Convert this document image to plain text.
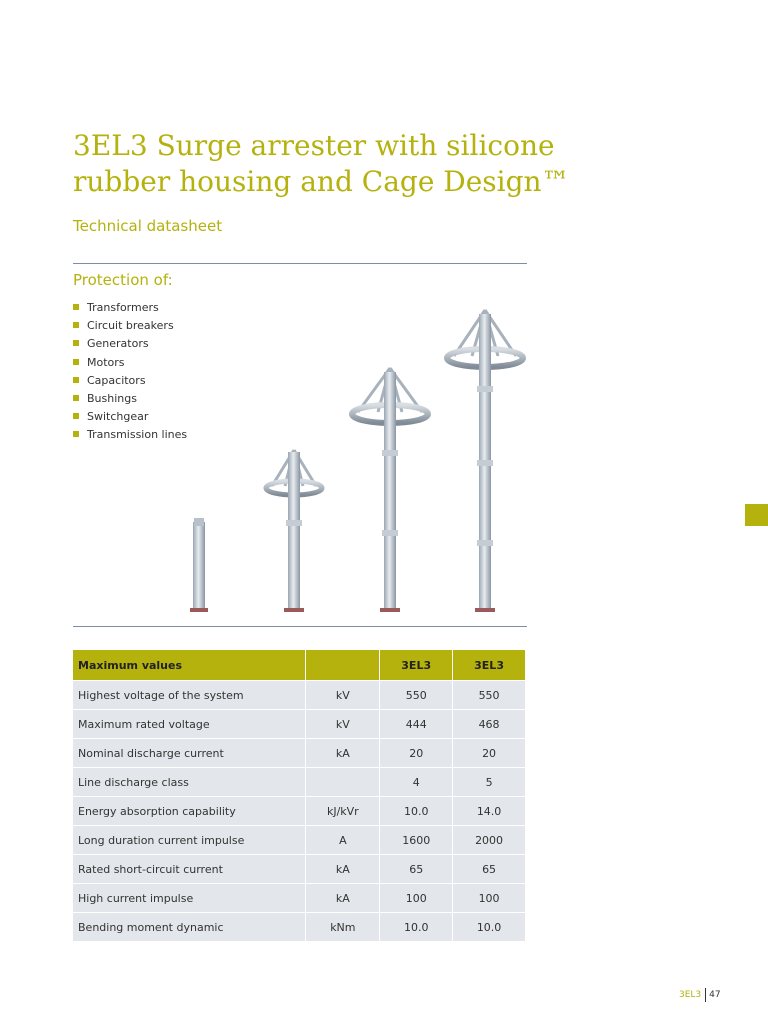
3EL3 Surge arrester with silicone rubber housing and Cage Design™
Technical datasheet
Protection of:
Transformers
Circuit breakers
Generators
Motors
Capacitors
Bushings
Switchgear
Transmission lines
Maximum values		3EL3	3EL3
Highest voltage of the system	kV	550	550
Maximum rated voltage	kV	444	468
Nominal discharge current	kA	20	20
Line discharge class		4	5
Energy absorption capability	kJ/kVr	10.0	14.0
Long duration current impulse	A	1600	2000
Rated short-circuit current	kA	65	65
High current impulse	kA	100	100
Bending moment dynamic	kNm	10.0	10.0
3EL3 47
